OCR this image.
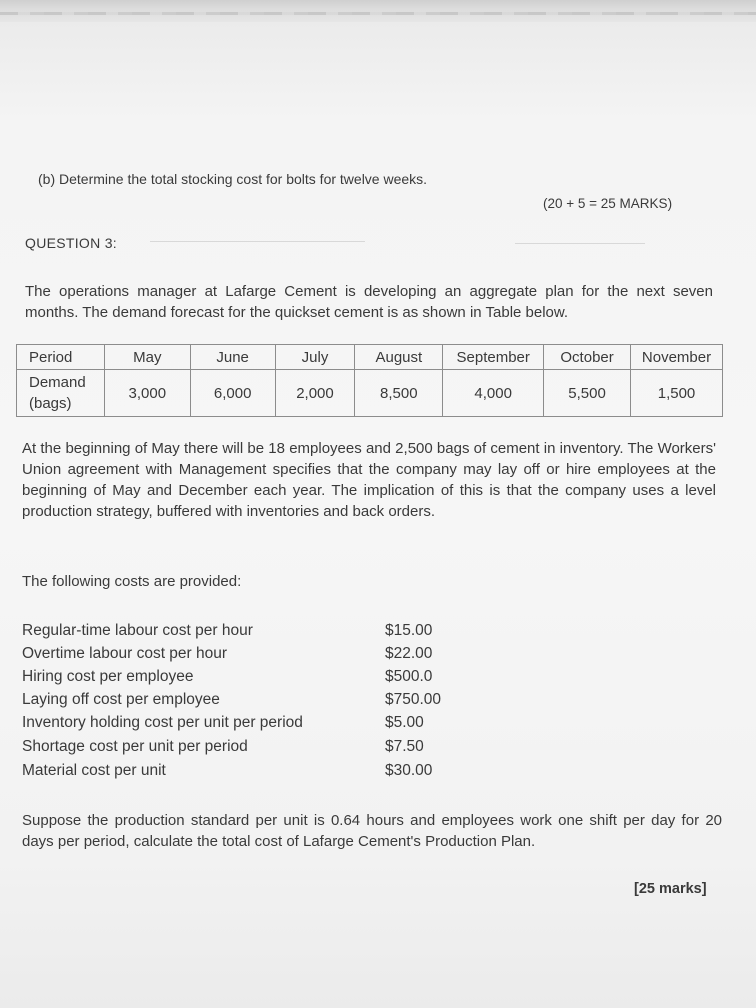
(b) Determine the total stocking cost for bolts for twelve weeks.
(20 + 5 = 25 MARKS)
QUESTION 3:
The operations manager at Lafarge Cement is developing an aggregate plan for the next seven months. The demand forecast for the quickset cement is as shown in Table below.
Period	May	June	July	August	September	October	November
Demand
(bags)	3,000	6,000	2,000	8,500	4,000	5,500	1,500
At the beginning of May there will be 18 employees and 2,500 bags of cement in inventory. The Workers' Union agreement with Management specifies that the company may lay off or hire employees at the beginning of May and December each year. The implication of this is that the company uses a level production strategy, buffered with inventories and back orders.
The following costs are provided:
Regular-time labour cost per hour	$15.00
Overtime labour cost per hour	$22.00
Hiring cost per employee	$500.0
Laying off cost per employee	$750.00
Inventory holding cost per unit per period	$5.00
Shortage cost per unit per period	$7.50
Material cost per unit	$30.00
Suppose the production standard per unit is 0.64 hours and employees work one shift per day for 20 days per period, calculate the total cost of Lafarge Cement's Production Plan.
[25 marks]
